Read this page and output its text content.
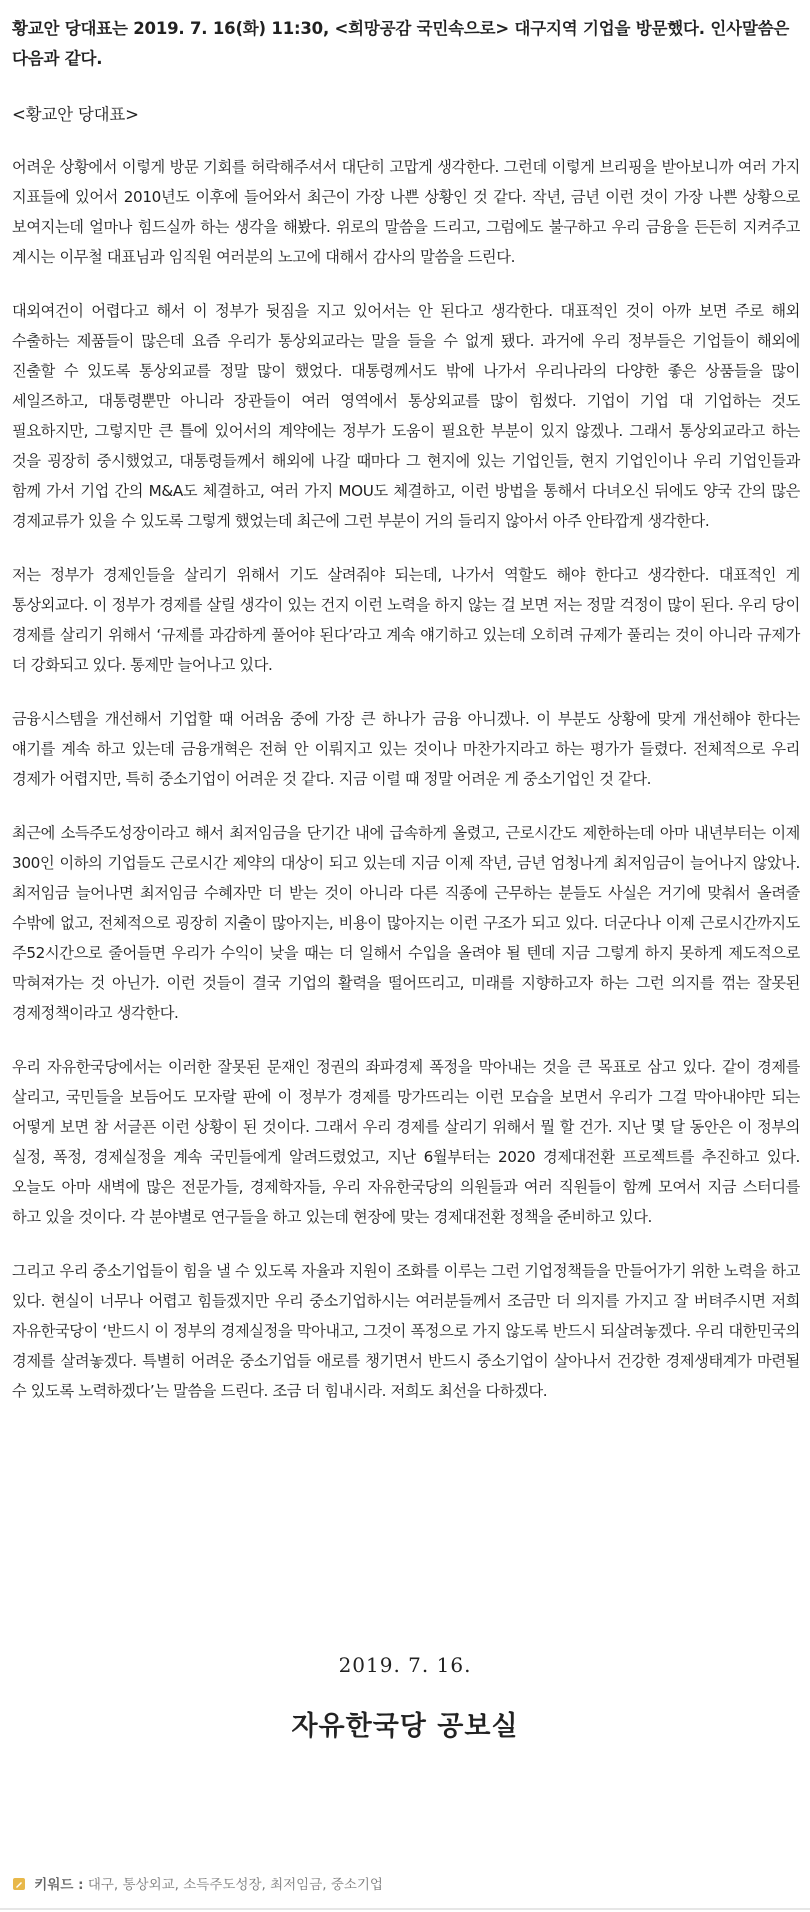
황교안 당대표는 2019. 7. 16(화) 11:30, <희망공감 국민속으로> 대구지역 기업을 방문했다. 인사말씀은 다음과 같다.
<황교안 당대표>

어려운 상황에서 이렇게 방문 기회를 허락해주셔서 대단히 고맙게 생각한다. 그런데 이렇게 브리핑을 받아보니까 여러 가지 지표들에 있어서 2010년도 이후에 들어와서 최근이 가장 나쁜 상황인 것 같다. 작년, 금년 이런 것이 가장 나쁜 상황으로 보여지는데 얼마나 힘드실까 하는 생각을 해봤다. 위로의 말씀을 드리고, 그럼에도 불구하고 우리 금융을 든든히 지켜주고 계시는 이무철 대표님과 임직원 여러분의 노고에 대해서 감사의 말씀을 드린다.

대외여건이 어렵다고 해서 이 정부가 뒷짐을 지고 있어서는 안 된다고 생각한다. 대표적인 것이 아까 보면 주로 해외 수출하는 제품들이 많은데 요즘 우리가 통상외교라는 말을 들을 수 없게 됐다. 과거에 우리 정부들은 기업들이 해외에 진출할 수 있도록 통상외교를 정말 많이 했었다. 대통령께서도 밖에 나가서 우리나라의 다양한 좋은 상품들을 많이 세일즈하고, 대통령뿐만 아니라 장관들이 여러 영역에서 통상외교를 많이 힘썼다. 기업이 기업 대 기업하는 것도 필요하지만, 그렇지만 큰 틀에 있어서의 계약에는 정부가 도움이 필요한 부분이 있지 않겠나. 그래서 통상외교라고 하는 것을 굉장히 중시했었고, 대통령들께서 해외에 나갈 때마다 그 현지에 있는 기업인들, 현지 기업인이나 우리 기업인들과 함께 가서 기업 간의 M&A도 체결하고, 여러 가지 MOU도 체결하고, 이런 방법을 통해서 다녀오신 뒤에도 양국 간의 많은 경제교류가 있을 수 있도록 그렇게 했었는데 최근에 그런 부분이 거의 들리지 않아서 아주 안타깝게 생각한다.

저는 정부가 경제인들을 살리기 위해서 기도 살려줘야 되는데, 나가서 역할도 해야 한다고 생각한다. 대표적인 게 통상외교다. 이 정부가 경제를 살릴 생각이 있는 건지 이런 노력을 하지 않는 걸 보면 저는 정말 걱정이 많이 된다. 우리 당이 경제를 살리기 위해서 ‘규제를 과감하게 풀어야 된다’라고 계속 얘기하고 있는데 오히려 규제가 풀리는 것이 아니라 규제가 더 강화되고 있다. 통제만 늘어나고 있다.

금융시스템을 개선해서 기업할 때 어려움 중에 가장 큰 하나가 금융 아니겠나. 이 부분도 상황에 맞게 개선해야 한다는 얘기를 계속 하고 있는데 금융개혁은 전혀 안 이뤄지고 있는 것이나 마찬가지라고 하는 평가가 들렸다. 전체적으로 우리 경제가 어렵지만, 특히 중소기업이 어려운 것 같다. 지금 이럴 때 정말 어려운 게 중소기업인 것 같다.

최근에 소득주도성장이라고 해서 최저임금을 단기간 내에 급속하게 올렸고, 근로시간도 제한하는데 아마 내년부터는 이제 300인 이하의 기업들도 근로시간 제약의 대상이 되고 있는데 지금 이제 작년, 금년 엄청나게 최저임금이 늘어나지 않았나. 최저임금 늘어나면 최저임금 수혜자만 더 받는 것이 아니라 다른 직종에 근무하는 분들도 사실은 거기에 맞춰서 올려줄 수밖에 없고, 전체적으로 굉장히 지출이 많아지는, 비용이 많아지는 이런 구조가 되고 있다. 더군다나 이제 근로시간까지도 주52시간으로 줄어들면 우리가 수익이 낮을 때는 더 일해서 수입을 올려야 될 텐데 지금 그렇게 하지 못하게 제도적으로 막혀져가는 것 아닌가. 이런 것들이 결국 기업의 활력을 떨어뜨리고, 미래를 지향하고자 하는 그런 의지를 꺾는 잘못된 경제정책이라고 생각한다.

우리 자유한국당에서는 이러한 잘못된 문재인 정권의 좌파경제 폭정을 막아내는 것을 큰 목표로 삼고 있다. 같이 경제를 살리고, 국민들을 보듬어도 모자랄 판에 이 정부가 경제를 망가뜨리는 이런 모습을 보면서 우리가 그걸 막아내야만 되는 어떻게 보면 참 서글픈 이런 상황이 된 것이다. 그래서 우리 경제를 살리기 위해서 뭘 할 건가. 지난 몇 달 동안은 이 정부의 실정, 폭정, 경제실정을 계속 국민들에게 알려드렸었고, 지난 6월부터는 2020 경제대전환 프로젝트를 추진하고 있다. 오늘도 아마 새벽에 많은 전문가들, 경제학자들, 우리 자유한국당의 의원들과 여러 직원들이 함께 모여서 지금 스터디를 하고 있을 것이다. 각 분야별로 연구들을 하고 있는데 현장에 맞는 경제대전환 정책을 준비하고 있다.

그리고 우리 중소기업들이 힘을 낼 수 있도록 자율과 지원이 조화를 이루는 그런 기업정책들을 만들어가기 위한 노력을 하고 있다. 현실이 너무나 어렵고 힘들겠지만 우리 중소기업하시는 여러분들께서 조금만 더 의지를 가지고 잘 버텨주시면 저희 자유한국당이 ‘반드시 이 정부의 경제실정을 막아내고, 그것이 폭정으로 가지 않도록 반드시 되살려놓겠다. 우리 대한민국의 경제를 살려놓겠다. 특별히 어려운 중소기업들 애로를 챙기면서 반드시 중소기업이 살아나서 건강한 경제생태계가 마련될 수 있도록 노력하겠다’는 말씀을 드린다. 조금 더 힘내시라. 저희도 최선을 다하겠다.

2019. 7. 16.
자유한국당 공보실
키워드 : 대구, 통상외교, 소득주도성장, 최저임금, 중소기업
